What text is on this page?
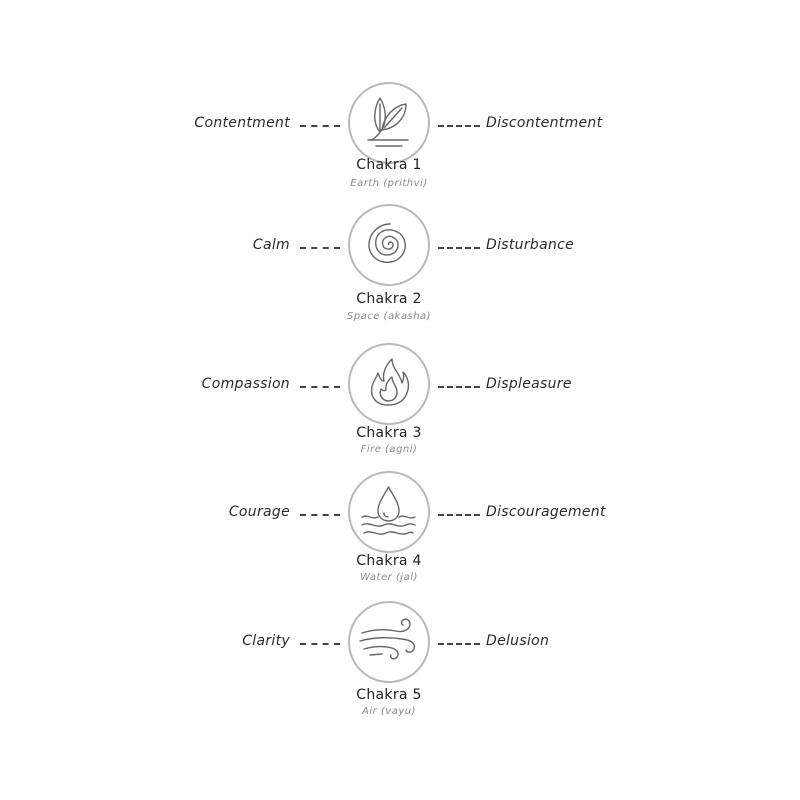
Contentment	Discontentment
Chakra 1
Earth (prithvi)
Calm	Disturbance
Chakra 2
Space (akasha)
Compassion	Displeasure
Chakra 3
Fire (agni)
Courage	Discouragement
Chakra 4
Water (jal)
Clarity	Delusion
Chakra 5
Air (vayu)
